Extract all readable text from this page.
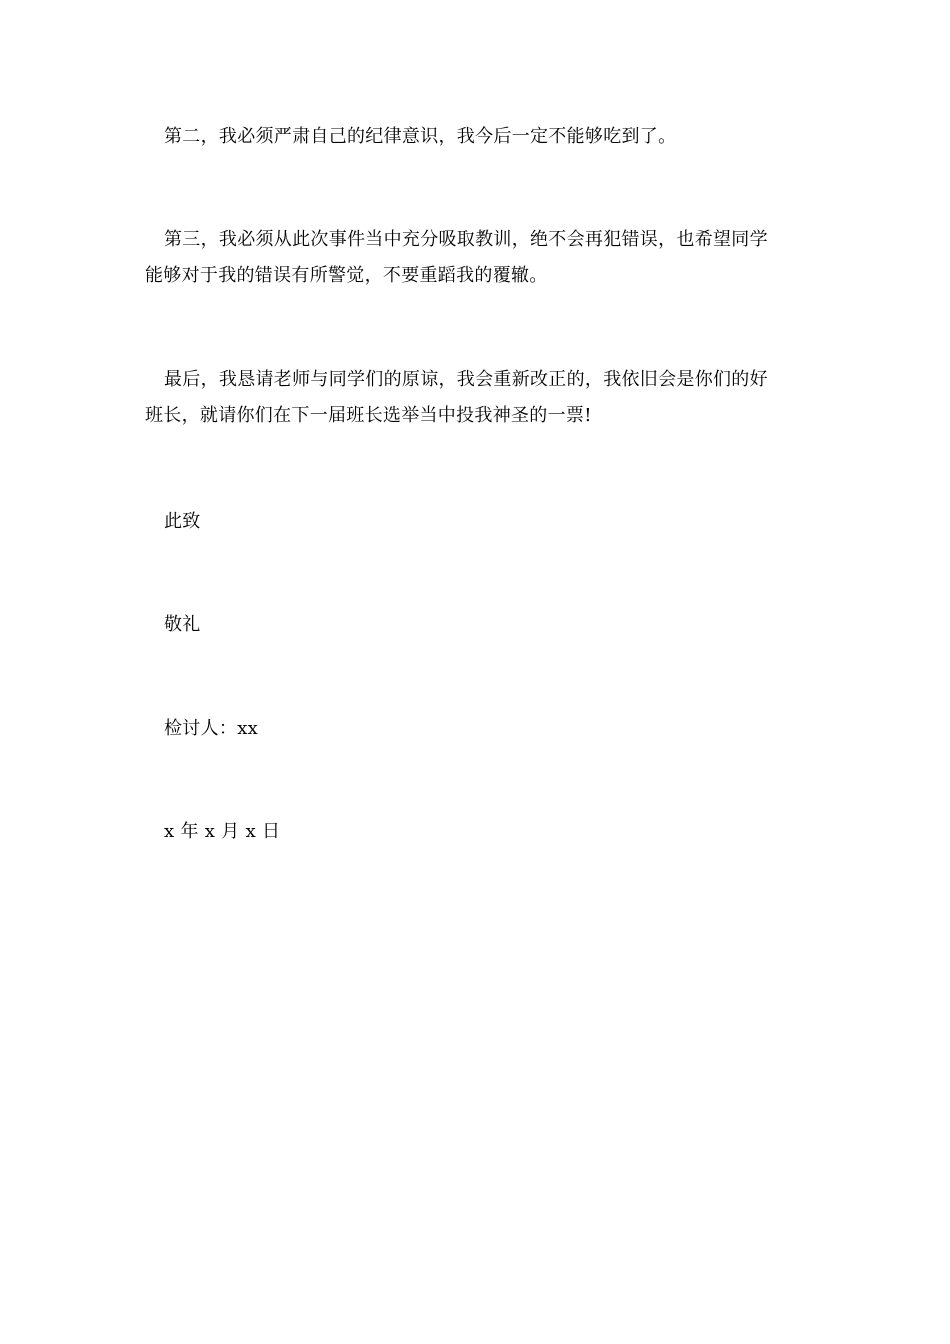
第二，我必须严肃自己的纪律意识，我今后一定不能够吃到了。

第三，我必须从此次事件当中充分吸取教训，绝不会再犯错误，也希望同学
能够对于我的错误有所警觉，不要重蹈我的覆辙。

最后，我恳请老师与同学们的原谅，我会重新改正的，我依旧会是你们的好
班长，就请你们在下一届班长选举当中投我神圣的一票!

此致

敬礼

检讨人：xx

x 年 x 月 x 日
